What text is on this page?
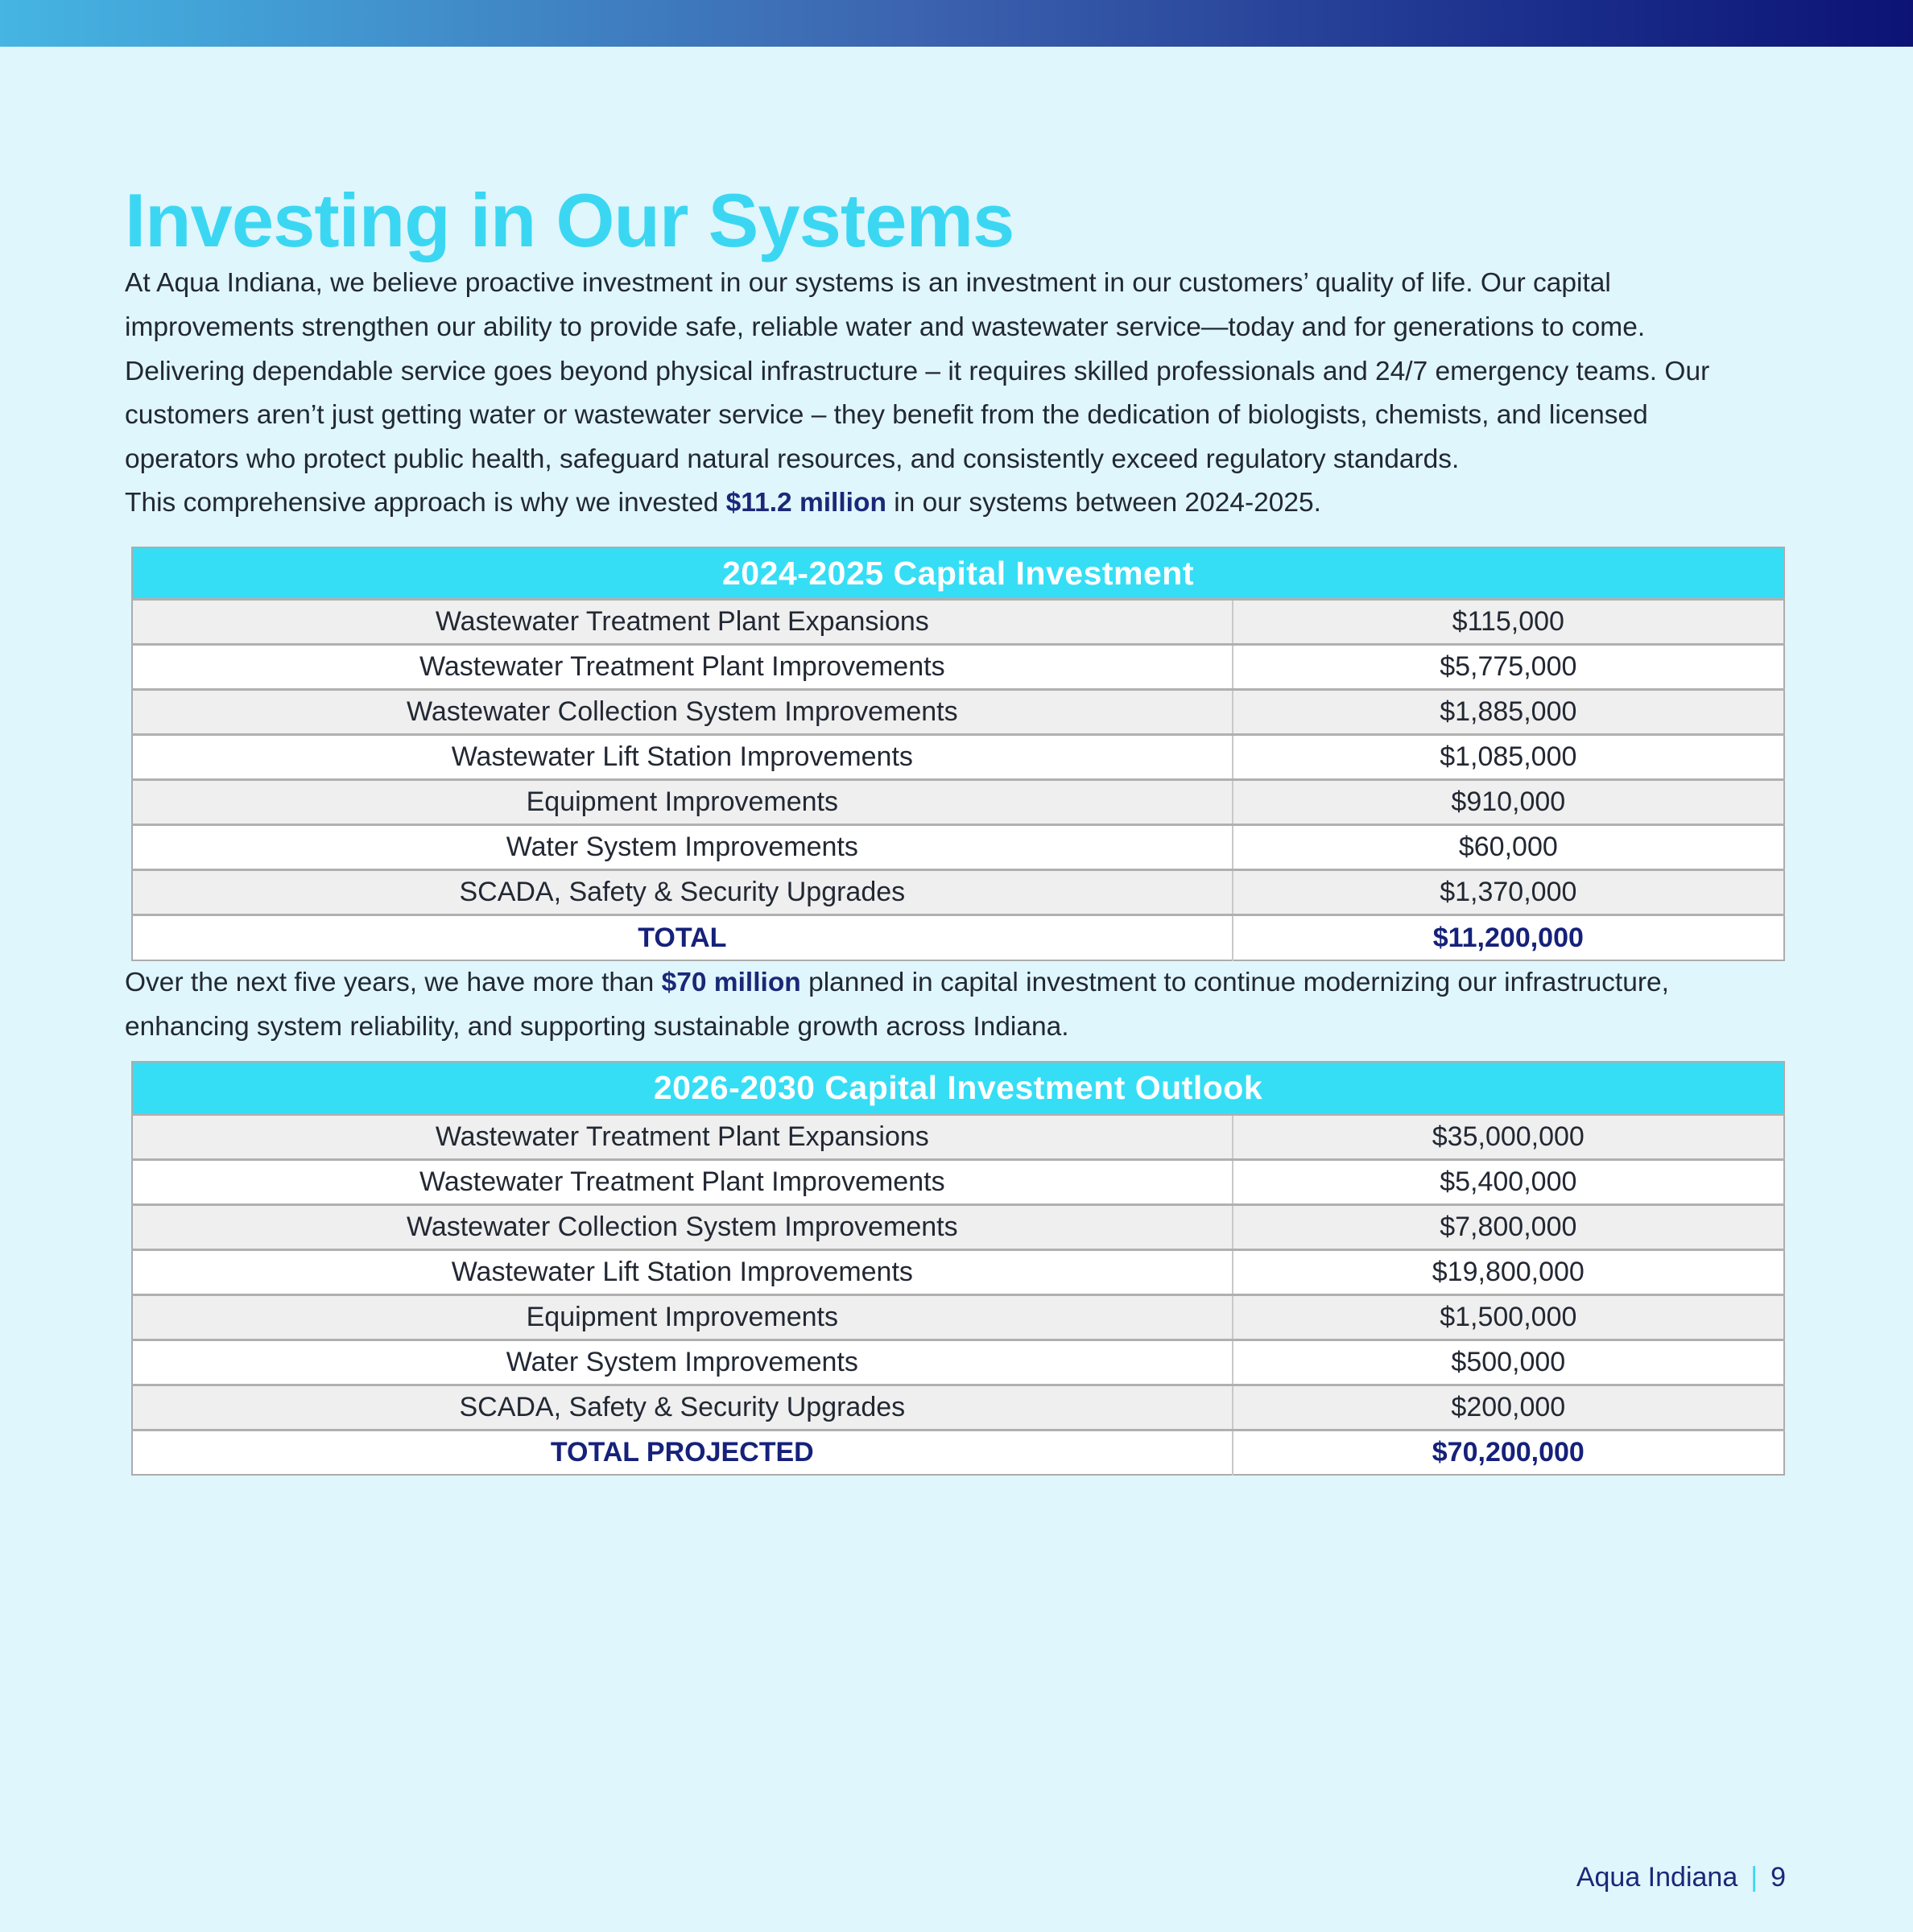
Investing in Our Systems

At Aqua Indiana, we believe proactive investment in our systems is an investment in our customers’ quality of life. Our capital improvements strengthen our ability to provide safe, reliable water and wastewater service—today and for generations to come.

Delivering dependable service goes beyond physical infrastructure – it requires skilled professionals and 24/7 emergency teams. Our customers aren’t just getting water or wastewater service – they benefit from the dedication of biologists, chemists, and licensed operators who protect public health, safeguard natural resources, and consistently exceed regulatory standards.

This comprehensive approach is why we invested $11.2 million in our systems between 2024-2025.

2024-2025 Capital Investment	
Wastewater Treatment Plant Expansions	$115,000
Wastewater Treatment Plant Improvements	$5,775,000
Wastewater Collection System Improvements	$1,885,000
Wastewater Lift Station Improvements	$1,085,000
Equipment Improvements	$910,000
Water System Improvements	$60,000
SCADA, Safety & Security Upgrades	$1,370,000
TOTAL	$11,200,000

Over the next five years, we have more than $70 million planned in capital investment to continue modernizing our infrastructure, enhancing system reliability, and supporting sustainable growth across Indiana.

2026-2030 Capital Investment Outlook	
Wastewater Treatment Plant Expansions	$35,000,000
Wastewater Treatment Plant Improvements	$5,400,000
Wastewater Collection System Improvements	$7,800,000
Wastewater Lift Station Improvements	$19,800,000
Equipment Improvements	$1,500,000
Water System Improvements	$500,000
SCADA, Safety & Security Upgrades	$200,000
TOTAL PROJECTED	$70,200,000
Aqua Indiana | 9
